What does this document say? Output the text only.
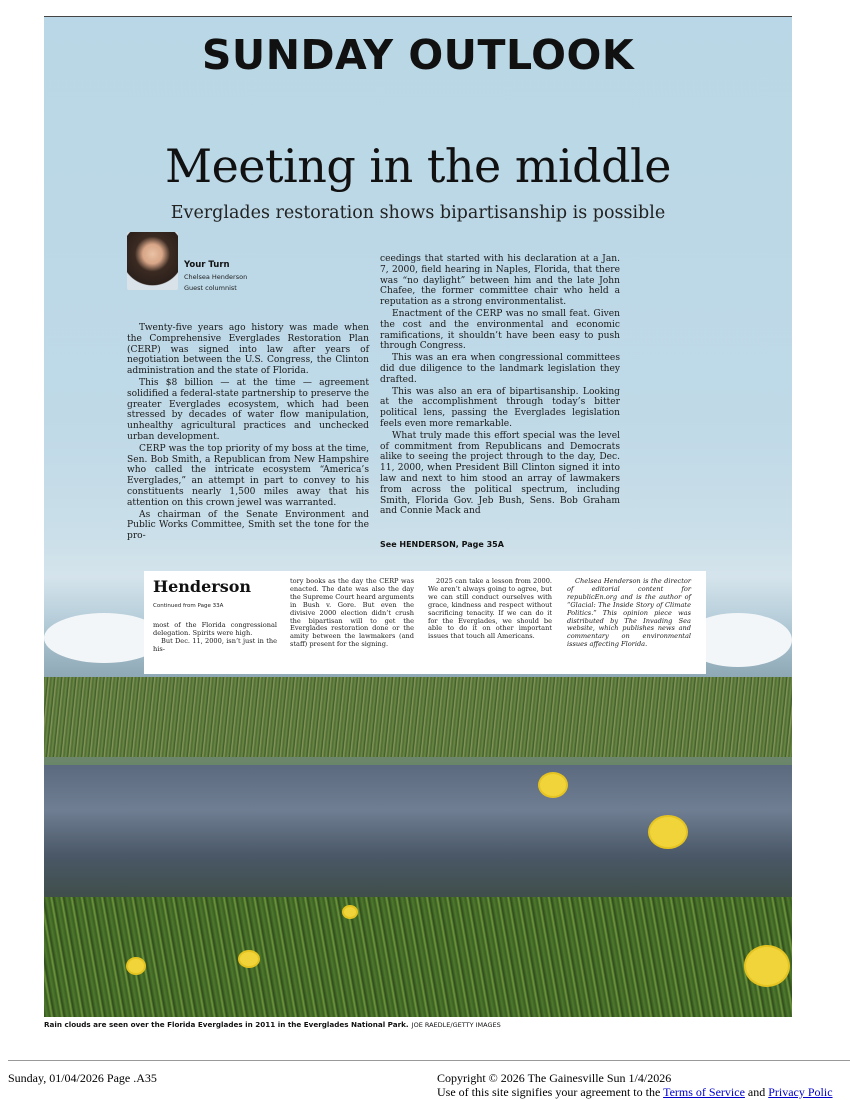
SUNDAY OUTLOOK
Meeting in the middle
Everglades restoration shows bipartisanship is possible
Henderson
Continued from Page 33A

most of the Florida congressional delegation. Spirits were high.

But Dec. 11, 2000, isn’t just in the his-

tory books as the day the CERP was enacted. The date was also the day the Supreme Court heard arguments in Bush v. Gore. But even the divisive 2000 election didn’t crush the bipartisan will to get the Everglades restoration done or the amity between the lawmakers (and staff) present for the signing.

2025 can take a lesson from 2000. We aren’t always going to agree, but we can still conduct ourselves with grace, kindness and respect without sacrificing tenacity. If we can do it for the Everglades, we should be able to do it on other important issues that touch all Americans.

Chelsea Henderson is the director of editorial content for republicEn.org and is the author of “Glacial: The Inside Story of Climate Politics.” This opinion piece was distributed by The Invading Sea website, which publishes news and commentary on environmental issues affecting Florida.

Your Turn
Chelsea Henderson
Guest columnist

Twenty-five years ago history was made when the Comprehensive Everglades Restoration Plan (CERP) was signed into law after years of negotiation between the U.S. Congress, the Clinton administration and the state of Florida.

This $8 billion — at the time — agreement solidified a federal-state partnership to preserve the greater Everglades ecosystem, which had been stressed by decades of water flow manipulation, unhealthy agricultural practices and unchecked urban development.

CERP was the top priority of my boss at the time, Sen. Bob Smith, a Republican from New Hampshire who called the intricate ecosystem “America’s Everglades,” an attempt in part to convey to his constituents nearly 1,500 miles away that his attention on this crown jewel was warranted.

As chairman of the Senate Environment and Public Works Committee, Smith set the tone for the pro-

ceedings that started with his declaration at a Jan. 7, 2000, field hearing in Naples, Florida, that there was “no daylight” between him and the late John Chafee, the former committee chair who held a reputation as a strong environmentalist.

Enactment of the CERP was no small feat. Given the cost and the environmental and economic ramifications, it shouldn’t have been easy to push through Congress.

This was an era when congressional committees did due diligence to the landmark legislation they drafted.

This was also an era of bipartisanship. Looking at the accomplishment through today’s bitter political lens, passing the Everglades legislation feels even more remarkable.

What truly made this effort special was the level of commitment from Republicans and Democrats alike to seeing the project through to the day, Dec. 11, 2000, when President Bill Clinton signed it into law and next to him stood an array of lawmakers from across the political spectrum, including Smith, Florida Gov. Jeb Bush, Sens. Bob Graham and Connie Mack and

See HENDERSON, Page 35A
Rain clouds are seen over the Florida Everglades in 2011 in the Everglades National Park. JOE RAEDLE/GETTY IMAGES
Sunday, 01/04/2026 Page .A35	Copyright © 2026 The Gainesville Sun 1/4/2026
Use of this site signifies your agreement to the Terms of Service and Privacy Polic
